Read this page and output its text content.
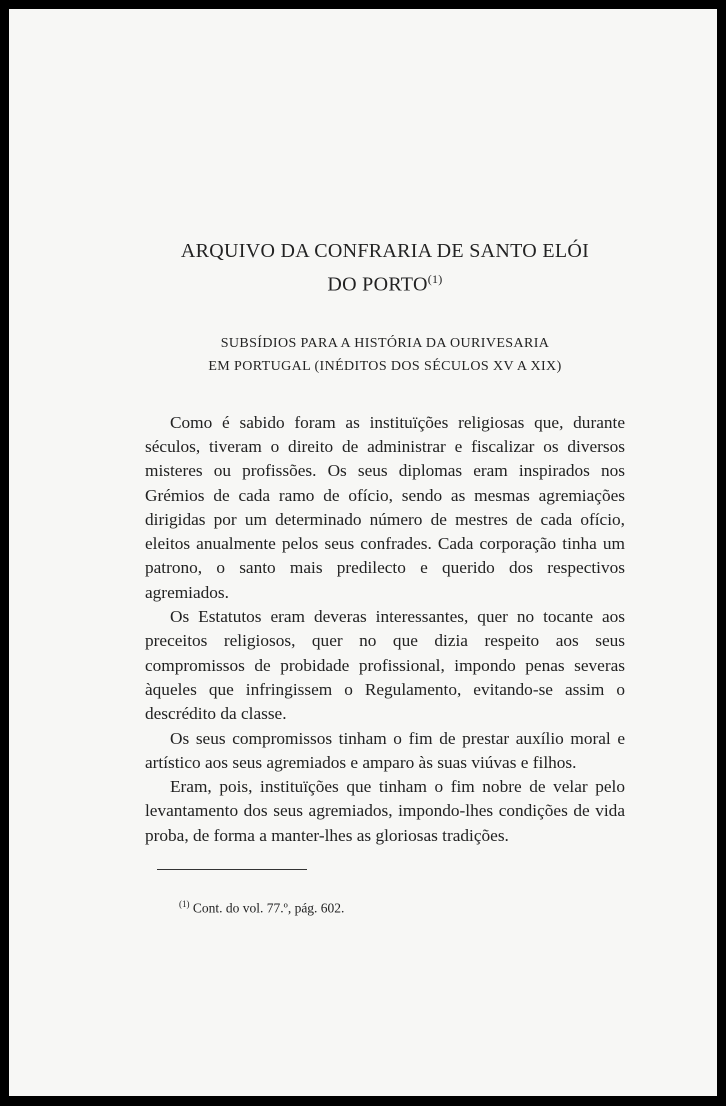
ARQUIVO DA CONFRARIA DE SANTO ELÓI
DO PORTO$^{(1)}$
SUBSÍDIOS PARA A HISTÓRIA DA OURIVESARIA
EM PORTUGAL (INÉDITOS DOS SÉCULOS XV A XIX)

Como é sabido foram as instituïções religiosas que, durante séculos, tiveram o direito de administrar e fiscalizar os diversos misteres ou profissões. Os seus diplomas eram inspirados nos Grémios de cada ramo de ofício, sendo as mesmas agremiações dirigidas por um determinado número de mestres de cada ofício, eleitos anualmente pelos seus confrades. Cada corporação tinha um patrono, o santo mais predilecto e querido dos respectivos agremiados.

Os Estatutos eram deveras interessantes, quer no tocante aos preceitos religiosos, quer no que dizia respeito aos seus compromissos de probidade profissional, impondo penas severas àqueles que infringissem o Regulamento, evitando-se assim o descrédito da classe.

Os seus compromissos tinham o fim de prestar auxílio moral e artístico aos seus agremiados e amparo às suas viúvas e filhos.

Eram, pois, instituïções que tinham o fim nobre de velar pelo levantamento dos seus agremiados, impondo-lhes condições de vida proba, de forma a manter-lhes as gloriosas tradições.

$^{(1)}$ Cont. do vol. 77.º, pág. 602.
